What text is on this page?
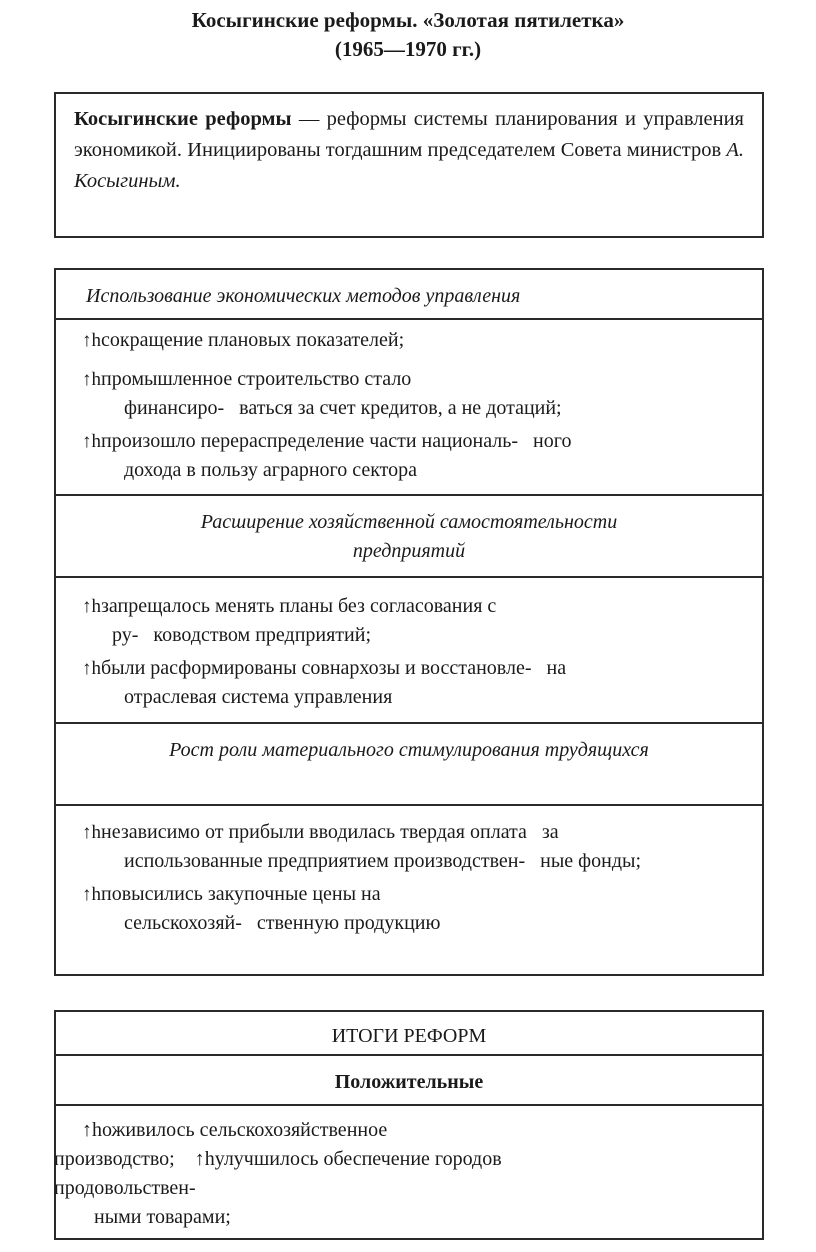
Косыгинские реформы. «Золотая пятилетка»
(1965—1970 гг.)
Косыгинские реформы — реформы системы планирования и управления экономикой. Инициированы тогдашним председателем Совета министров А. Косыгиным.
Использование экономических методов управления
↑hсокращение плановых показателей;
↑hпромышленное строительство стало
финансиро-   ваться за счет кредитов, а не дотаций;
↑hпроизошло перераспределение части националь-   ного
дохода в пользу аграрного сектора
Расширение хозяйственной самостоятельности предприятий
↑hзапрещалось менять планы без согласования с
ру-   ководством предприятий;
↑hбыли расформированы совнархозы и восстановле-   на
отраслевая система управления
Рост роли материального стимулирования трудящихся
↑hнезависимо от прибыли вводилась твердая оплата   за
использованные предприятием производствен-   ные фонды;
↑hповысились закупочные цены на
сельскохозяй-   ственную продукцию
ИТОГИ РЕФОРМ
Положительные
↑hоживилось сельскохозяйственное
производство; ↑hулучшилось обеспечение городов
продовольствен-
ными товарами;
